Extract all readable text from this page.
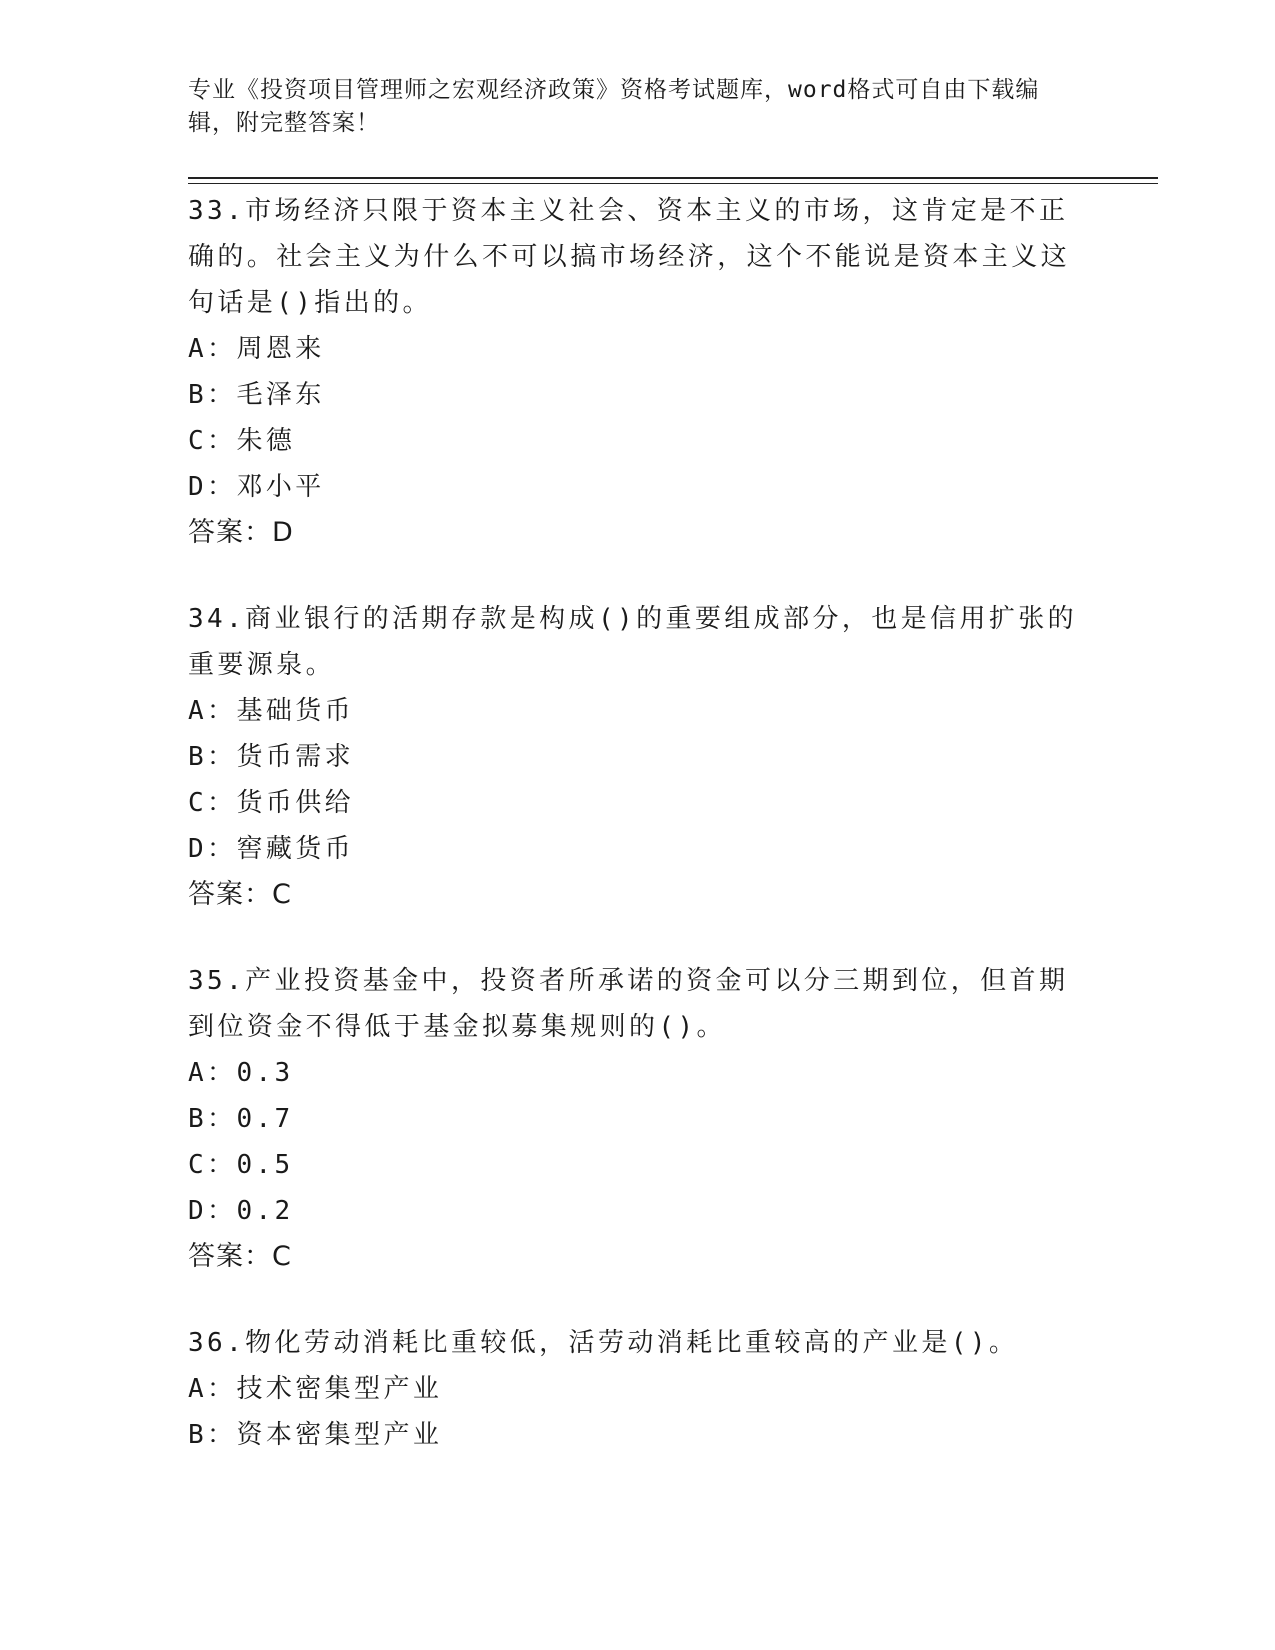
专业《投资项目管理师之宏观经济政策》资格考试题库，word格式可自由下载编辑，附完整答案！

33.市场经济只限于资本主义社会、资本主义的市场，这肯定是不正确的。社会主义为什么不可以搞市场经济，这个不能说是资本主义这句话是()指出的。

A：周恩来
B：毛泽东
C：朱德
D：邓小平
答案：D

34.商业银行的活期存款是构成()的重要组成部分，也是信用扩张的重要源泉。

A：基础货币
B：货币需求
C：货币供给
D：窖藏货币
答案：C

35.产业投资基金中，投资者所承诺的资金可以分三期到位，但首期到位资金不得低于基金拟募集规则的()。

A：0.3
B：0.7
C：0.5
D：0.2
答案：C

36.物化劳动消耗比重较低，活劳动消耗比重较高的产业是()。

A：技术密集型产业
B：资本密集型产业
